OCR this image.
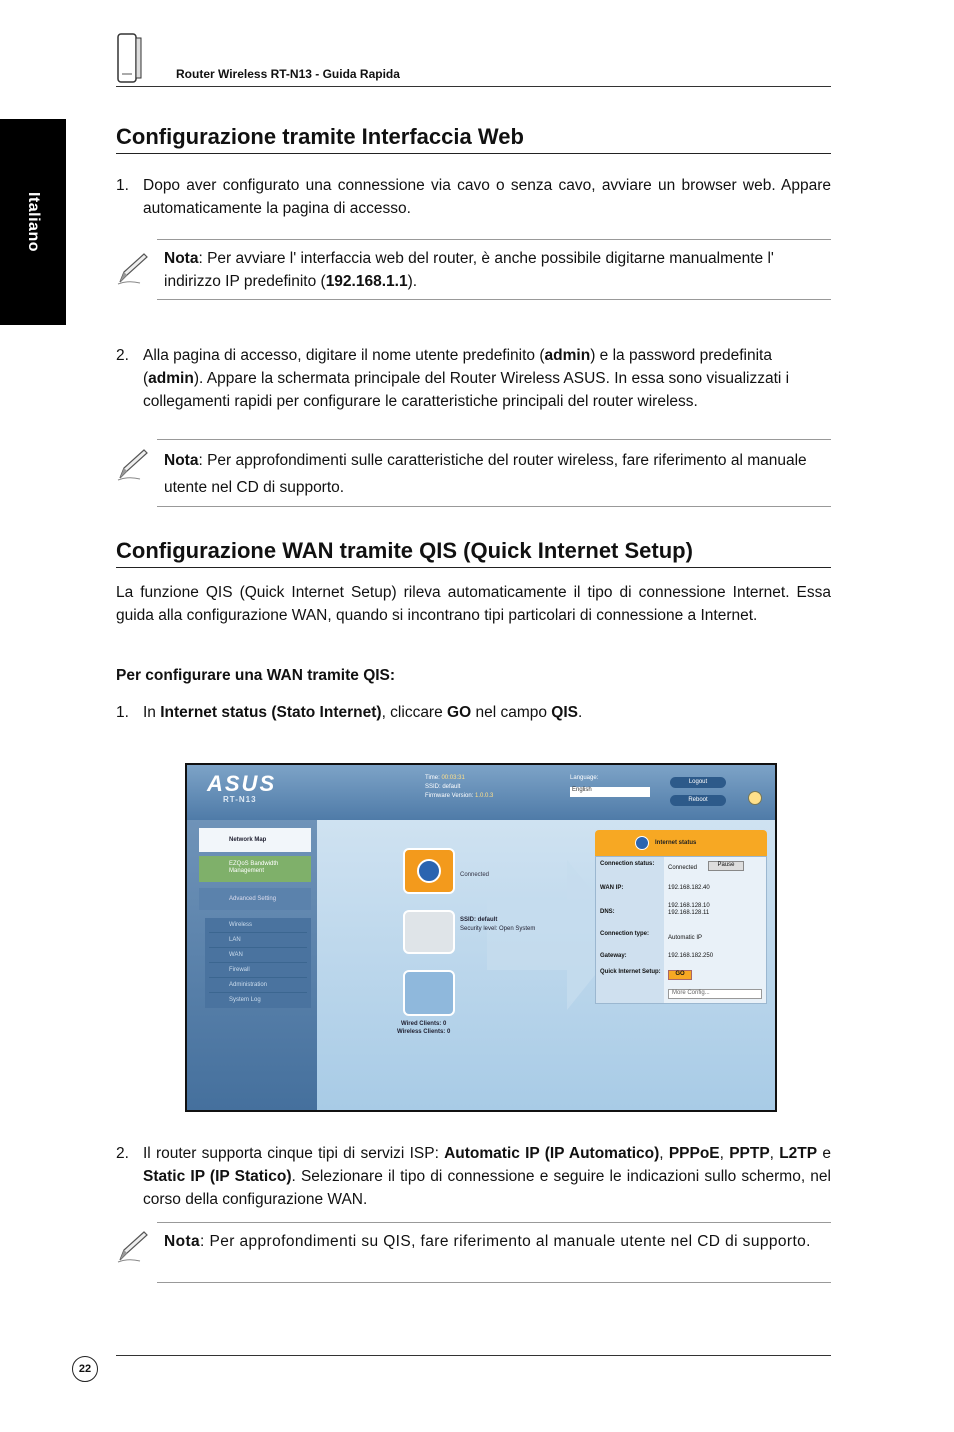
Router Wireless RT-N13 - Guida Rapida
Italiano
Configurazione tramite Interfaccia Web
1. Dopo aver configurato una connessione via cavo o senza cavo, avviare un browser web. Appare automaticamente la pagina di accesso.

Nota: Per avviare l' interfaccia web del router, è anche possibile digitarne manualmente l' indirizzo IP predefinito (192.168.1.1).

2. Alla pagina di accesso, digitare il nome utente predefinito (admin) e la password predefinita (admin). Appare la schermata principale del Router Wireless ASUS. In essa sono visualizzati i collegamenti rapidi per configurare le caratteristiche principali del router wireless.

Nota: Per approfondimenti sulle caratteristiche del router wireless, fare riferimento al manuale utente nel CD di supporto.

Configurazione WAN tramite QIS (Quick Internet Setup)

La funzione QIS (Quick Internet Setup) rileva automaticamente il tipo di connessione Internet. Essa guida alla configurazione WAN, quando si incontrano tipi particolari di connessione a Internet.

Per configurare una WAN tramite QIS:

1. In Internet status (Stato Internet), cliccare GO nel campo QIS.

ASUS
RT-N13
Time: 00:03:31
SSID: default
Firmware Version: 1.0.0.3
Language:
English
Logout
Reboot
Network Map
EZQoS Bandwidth Management
Advanced Setting
Wireless
LAN
WAN
Firewall
Administration
System Log
Connected
SSID: default
Security level: Open System
Wired Clients: 0
Wireless Clients: 0
Internet status
Connection status:
Connected	Pause
WAN IP:	192.168.182.40
DNS:
192.168.128.10 192.168.128.11
Connection type:
Automatic IP
Gateway:	192.168.182.250
Quick Internet Setup:	GO
More Config...
2. Il router supporta cinque tipi di servizi ISP: Automatic IP (IP Automatico), PPPoE, PPTP, L2TP e Static IP (IP Statico). Selezionare il tipo di connessione e seguire le indicazioni sullo schermo, nel corso della configurazione WAN.

Nota: Per approfondimenti su QIS, fare riferimento al manuale utente nel CD di supporto.

22
